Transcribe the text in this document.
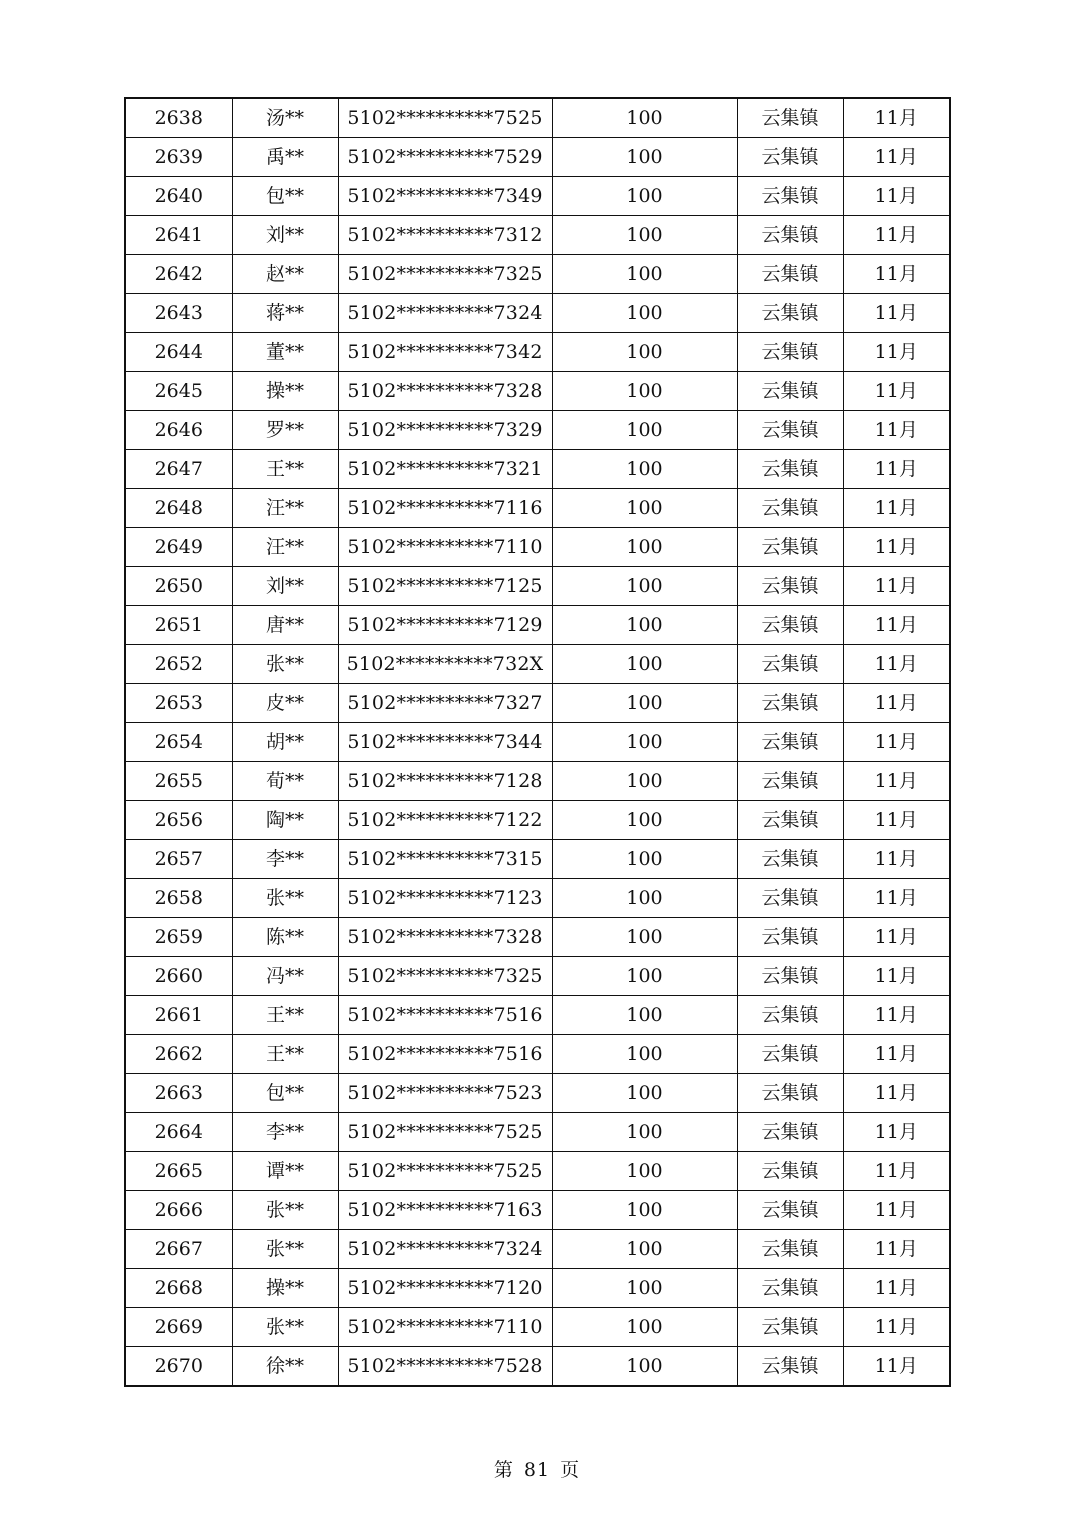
2638	汤**	5102**********7525	100	云集镇	11月
2639	禹**	5102**********7529	100	云集镇	11月
2640	包**	5102**********7349	100	云集镇	11月
2641	刘**	5102**********7312	100	云集镇	11月
2642	赵**	5102**********7325	100	云集镇	11月
2643	蒋**	5102**********7324	100	云集镇	11月
2644	董**	5102**********7342	100	云集镇	11月
2645	操**	5102**********7328	100	云集镇	11月
2646	罗**	5102**********7329	100	云集镇	11月
2647	王**	5102**********7321	100	云集镇	11月
2648	汪**	5102**********7116	100	云集镇	11月
2649	汪**	5102**********7110	100	云集镇	11月
2650	刘**	5102**********7125	100	云集镇	11月
2651	唐**	5102**********7129	100	云集镇	11月
2652	张**	5102**********732X	100	云集镇	11月
2653	皮**	5102**********7327	100	云集镇	11月
2654	胡**	5102**********7344	100	云集镇	11月
2655	荀**	5102**********7128	100	云集镇	11月
2656	陶**	5102**********7122	100	云集镇	11月
2657	李**	5102**********7315	100	云集镇	11月
2658	张**	5102**********7123	100	云集镇	11月
2659	陈**	5102**********7328	100	云集镇	11月
2660	冯**	5102**********7325	100	云集镇	11月
2661	王**	5102**********7516	100	云集镇	11月
2662	王**	5102**********7516	100	云集镇	11月
2663	包**	5102**********7523	100	云集镇	11月
2664	李**	5102**********7525	100	云集镇	11月
2665	谭**	5102**********7525	100	云集镇	11月
2666	张**	5102**********7163	100	云集镇	11月
2667	张**	5102**********7324	100	云集镇	11月
2668	操**	5102**********7120	100	云集镇	11月
2669	张**	5102**********7110	100	云集镇	11月
2670	徐**	5102**********7528	100	云集镇	11月
第 81 页
